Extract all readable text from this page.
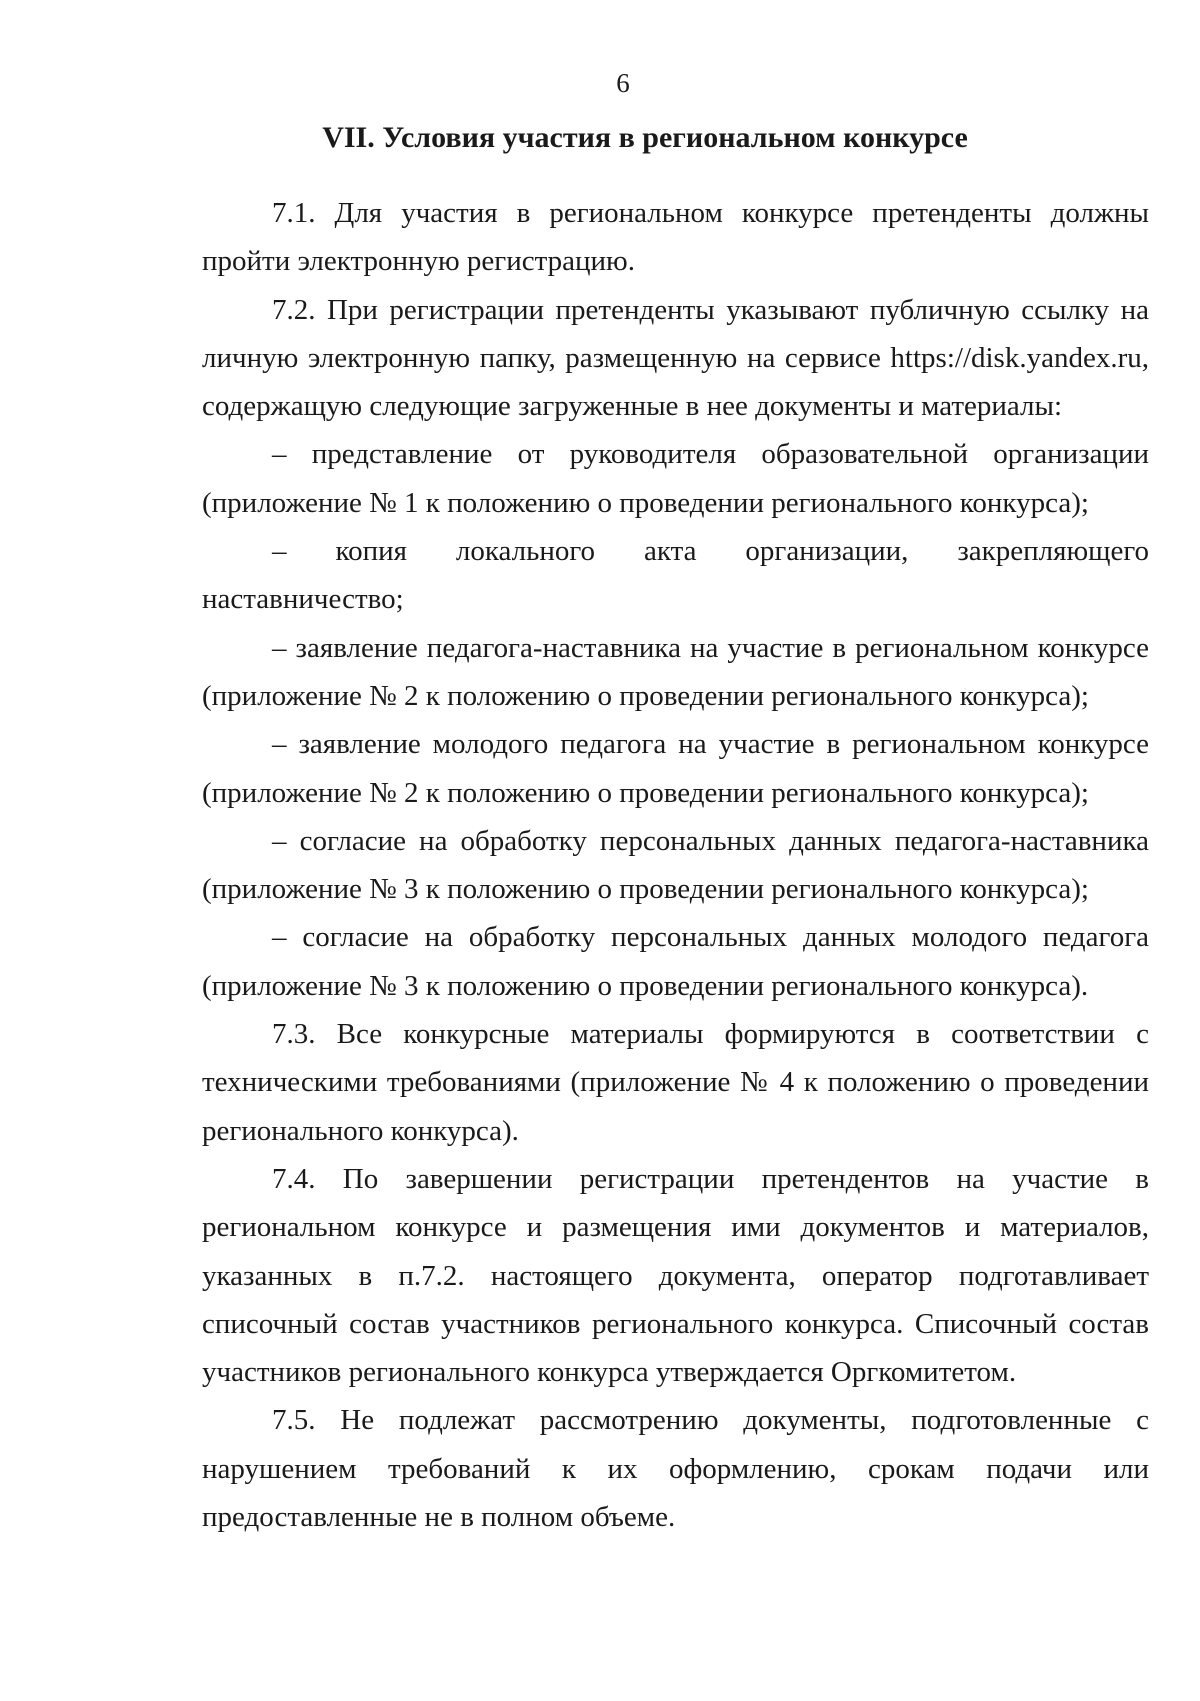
6
VII. Условия участия в региональном конкурсе

7.1. Для участия в региональном конкурсе претенденты должны пройти электронную регистрацию.

7.2. При регистрации претенденты указывают публичную ссылку на личную электронную папку, размещенную на сервисе https://disk.yandex.ru, содержащую следующие загруженные в нее документы и материалы:

– представление от руководителя образовательной организации (приложение № 1 к положению о проведении регионального конкурса);

– копия локального акта организации, закрепляющего наставничество;

– заявление педагога-наставника на участие в региональном конкурсе (приложение № 2 к положению о проведении регионального конкурса);

– заявление молодого педагога на участие в региональном конкурсе (приложение № 2 к положению о проведении регионального конкурса);

– согласие на обработку персональных данных педагога-наставника (приложение № 3 к положению о проведении регионального конкурса);

– согласие на обработку персональных данных молодого педагога (приложение № 3 к положению о проведении регионального конкурса).

7.3. Все конкурсные материалы формируются в соответствии с техническими требованиями (приложение № 4 к положению о проведении регионального конкурса).

7.4. По завершении регистрации претендентов на участие в региональном конкурсе и размещения ими документов и материалов, указанных в п.7.2. настоящего документа, оператор подготавливает списочный состав участников регионального конкурса. Списочный состав участников регионального конкурса утверждается Оргкомитетом.

7.5. Не подлежат рассмотрению документы, подготовленные с нарушением требований к их оформлению, срокам подачи или предоставленные не в полном объеме.
